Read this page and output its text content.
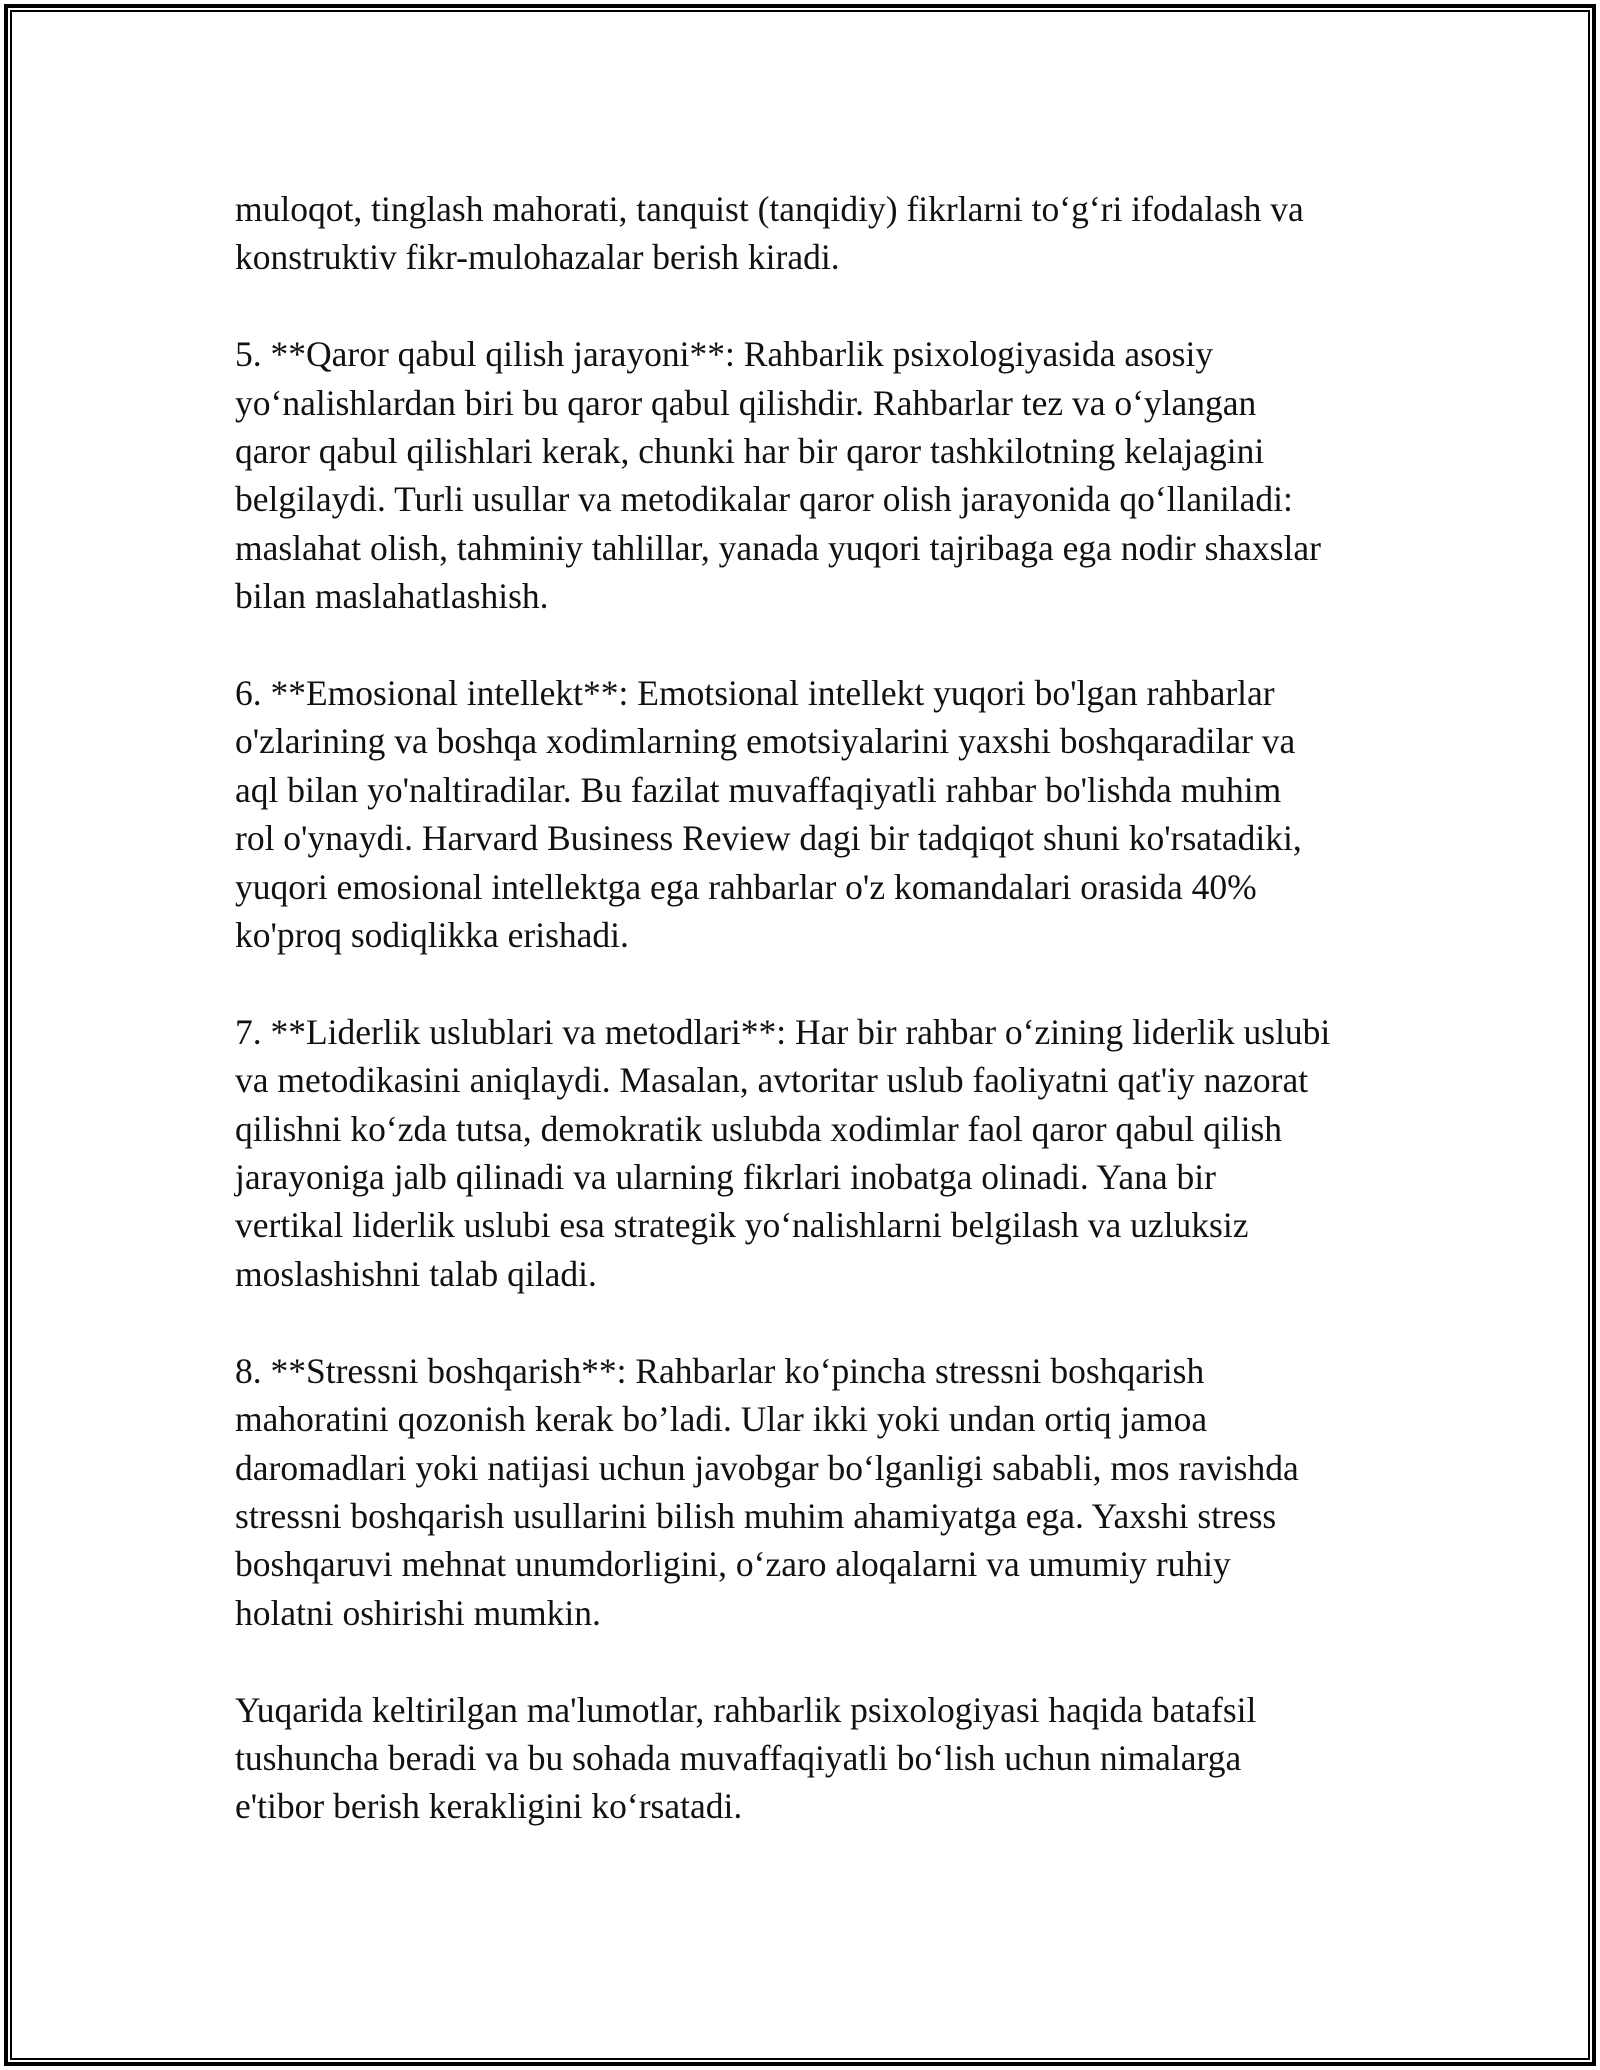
muloqot, tinglash mahorati, tanquist (tanqidiy) fikrlarni to‘g‘ri ifodalash va
konstruktiv fikr-mulohazalar berish kiradi.

5. **Qaror qabul qilish jarayoni**: Rahbarlik psixologiyasida asosiy
yo‘nalishlardan biri bu qaror qabul qilishdir. Rahbarlar tez va o‘ylangan
qaror qabul qilishlari kerak, chunki har bir qaror tashkilotning kelajagini
belgilaydi. Turli usullar va metodikalar qaror olish jarayonida qo‘llaniladi:
maslahat olish, tahminiy tahlillar, yanada yuqori tajribaga ega nodir shaxslar
bilan maslahatlashish.

6. **Emosional intellekt**: Emotsional intellekt yuqori bo'lgan rahbarlar
o'zlarining va boshqa xodimlarning emotsiyalarini yaxshi boshqaradilar va
aql bilan yo'naltiradilar. Bu fazilat muvaffaqiyatli rahbar bo'lishda muhim
rol o'ynaydi. Harvard Business Review dagi bir tadqiqot shuni ko'rsatadiki,
yuqori emosional intellektga ega rahbarlar o'z komandalari orasida 40%
ko'proq sodiqlikka erishadi.

7. **Liderlik uslublari va metodlari**: Har bir rahbar o‘zining liderlik uslubi
va metodikasini aniqlaydi. Masalan, avtoritar uslub faoliyatni qat'iy nazorat
qilishni ko‘zda tutsa, demokratik uslubda xodimlar faol qaror qabul qilish
jarayoniga jalb qilinadi va ularning fikrlari inobatga olinadi. Yana bir
vertikal liderlik uslubi esa strategik yo‘nalishlarni belgilash va uzluksiz
moslashishni talab qiladi.

8. **Stressni boshqarish**: Rahbarlar ko‘pincha stressni boshqarish
mahoratini qozonish kerak bo’ladi. Ular ikki yoki undan ortiq jamoa
daromadlari yoki natijasi uchun javobgar bo‘lganligi sababli, mos ravishda
stressni boshqarish usullarini bilish muhim ahamiyatga ega. Yaxshi stress
boshqaruvi mehnat unumdorligini, o‘zaro aloqalarni va umumiy ruhiy
holatni oshirishi mumkin.

Yuqarida keltirilgan ma'lumotlar, rahbarlik psixologiyasi haqida batafsil
tushuncha beradi va bu sohada muvaffaqiyatli bo‘lish uchun nimalarga
e'tibor berish kerakligini ko‘rsatadi.
